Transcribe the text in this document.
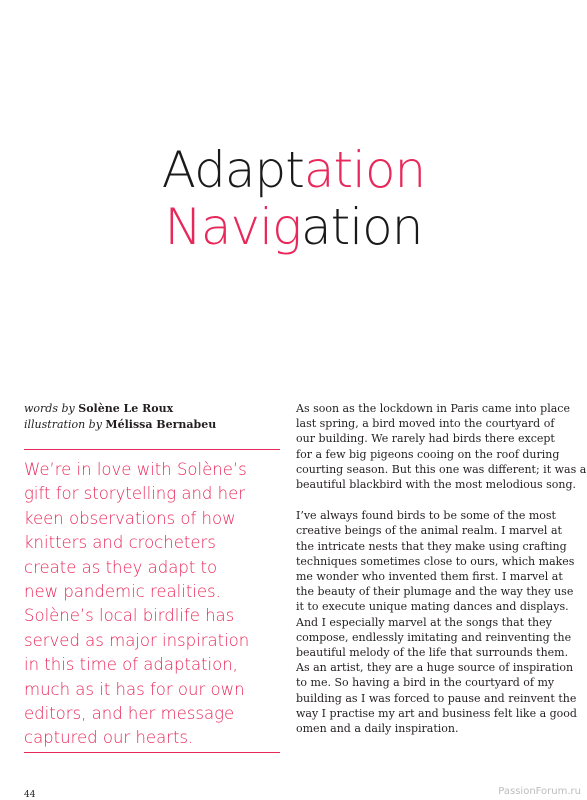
Adaptation
Navigation
words by Solène Le Roux
illustration by Mélissa Bernabeu

We’re in love with Solène’s
gift for storytelling and her
keen observations of how
knitters and crocheters
create as they adapt to
new pandemic realities.
Solène’s local birdlife has
served as major inspiration
in this time of adaptation,
much as it has for our own
editors, and her message
captured our hearts.

As soon as the lockdown in Paris came into place
last spring, a bird moved into the courtyard of
our building. We rarely had birds there except
for a few big pigeons cooing on the roof during
courting season. But this one was different; it was a
beautiful blackbird with the most melodious song.

I’ve always found birds to be some of the most
creative beings of the animal realm. I marvel at
the intricate nests that they make using crafting
techniques sometimes close to ours, which makes
me wonder who invented them first. I marvel at
the beauty of their plumage and the way they use
it to execute unique mating dances and displays.
And I especially marvel at the songs that they
compose, endlessly imitating and reinventing the
beautiful melody of the life that surrounds them.
As an artist, they are a huge source of inspiration
to me. So having a bird in the courtyard of my
building as I was forced to pause and reinvent the
way I practise my art and business felt like a good
omen and a daily inspiration.

44	PassionForum.ru
